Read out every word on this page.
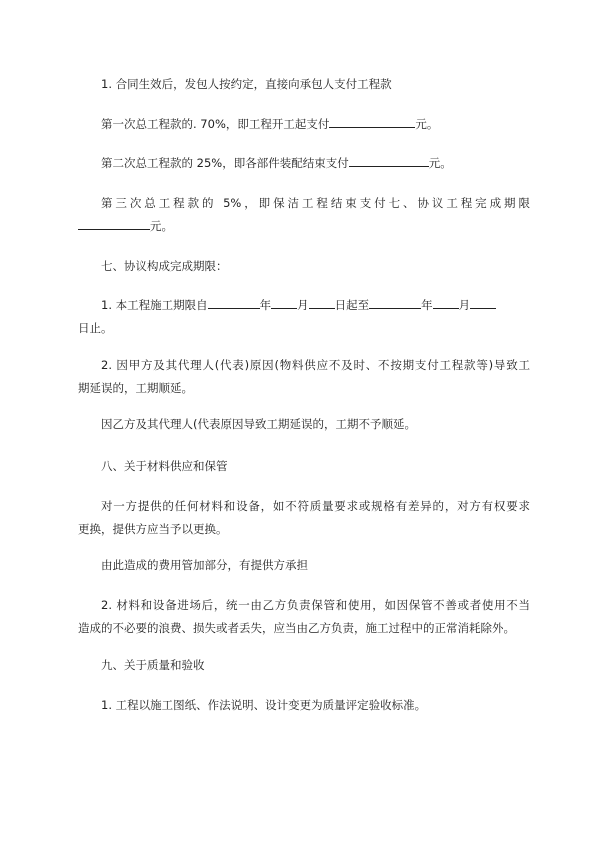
1. 合同生效后，发包人按约定，直接向承包人支付工程款

第一次总工程款的. 70%，即工程开工起支付	元。

第二次总工程款的 25%，即各部件装配结束支付	元。

第三次总工程款的 5%，即保洁工程结束支付七、协议工程完成期限
元。

七、协议构成完成期限：

1. 本工程施工期限自	年 月 日起至	年 月
日止。
2. 因甲方及其代理人(代表)原因(物料供应不及时、不按期支付工程款等)导致工
期延误的，工期顺延。

因乙方及其代理人(代表原因导致工期延误的，工期不予顺延。

八、关于材料供应和保管

对一方提供的任何材料和设备，如不符质量要求或规格有差异的，对方有权要求
更换，提供方应当予以更换。

由此造成的费用管加部分，有提供方承担

2. 材料和设备进场后，统一由乙方负责保管和使用，如因保管不善或者使用不当
造成的不必要的浪费、损失或者丢失，应当由乙方负责，施工过程中的正常消耗除外。

九、关于质量和验收

1. 工程以施工图纸、作法说明、设计变更为质量评定验收标准。
